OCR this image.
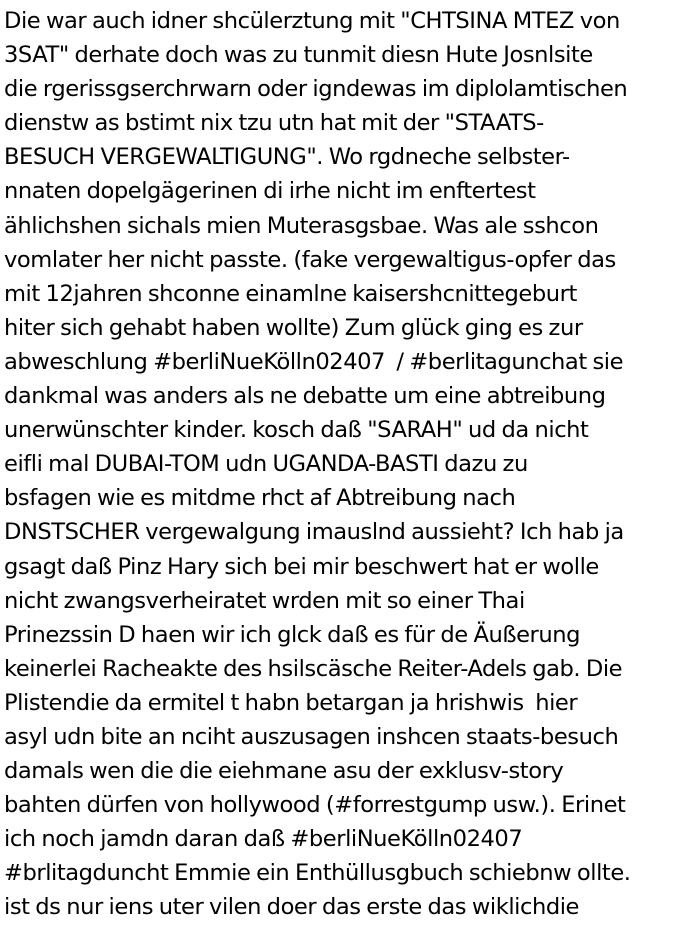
Die war auch idner shcülerztung mit "CHTSINA MTEZ von
3SAT" derhate doch was zu tunmit diesn Hute Josnlsite
die rgerissgserchrwarn oder igndewas im diplolamtischen
dienstw as bstimt nix tzu utn hat mit der "STAATS-
BESUCH VERGEWALTIGUNG". Wo rgdneche selbster-
nnaten dopelgägerinen di irhe nicht im enftertest
ählichshen sichals mien Muterasgsbae. Was ale sshcon
vomlater her nicht passte. (fake vergewaltigus-opfer das
mit 12jahren shconne einamlne kaisershcnittegeburt
hiter sich gehabt haben wollte) Zum glück ging es zur
abweschlung #berliNueKölln02407  / #berlitagunchat sie
dankmal was anders als ne debatte um eine abtreibung
unerwünschter kinder. kosch daß "SARAH" ud da nicht
eifli mal DUBAI-TOM udn UGANDA-BASTI dazu zu
bsfagen wie es mitdme rhct af Abtreibung nach
DNSTSCHER vergewalgung imauslnd aussieht? Ich hab ja
gsagt daß Pinz Hary sich bei mir beschwert hat er wolle
nicht zwangsverheiratet wrden mit so einer Thai
Prinezssin D haen wir ich glck daß es für de Äußerung
keinerlei Racheakte des hsilscäsche Reiter-Adels gab. Die
Plistendie da ermitel t habn betargan ja hrishwis  hier
asyl udn bite an nciht auszusagen inshcen staats-besuch
damals wen die die eiehmane asu der exklusv-story
bahten dürfen von hollywood (#forrestgump usw.). Erinet
ich noch jamdn daran daß #berliNueKölln02407
#brlitagduncht Emmie ein Enthüllusgbuch schiebnw ollte.
ist ds nur iens uter vilen doer das erste das wiklichdie
